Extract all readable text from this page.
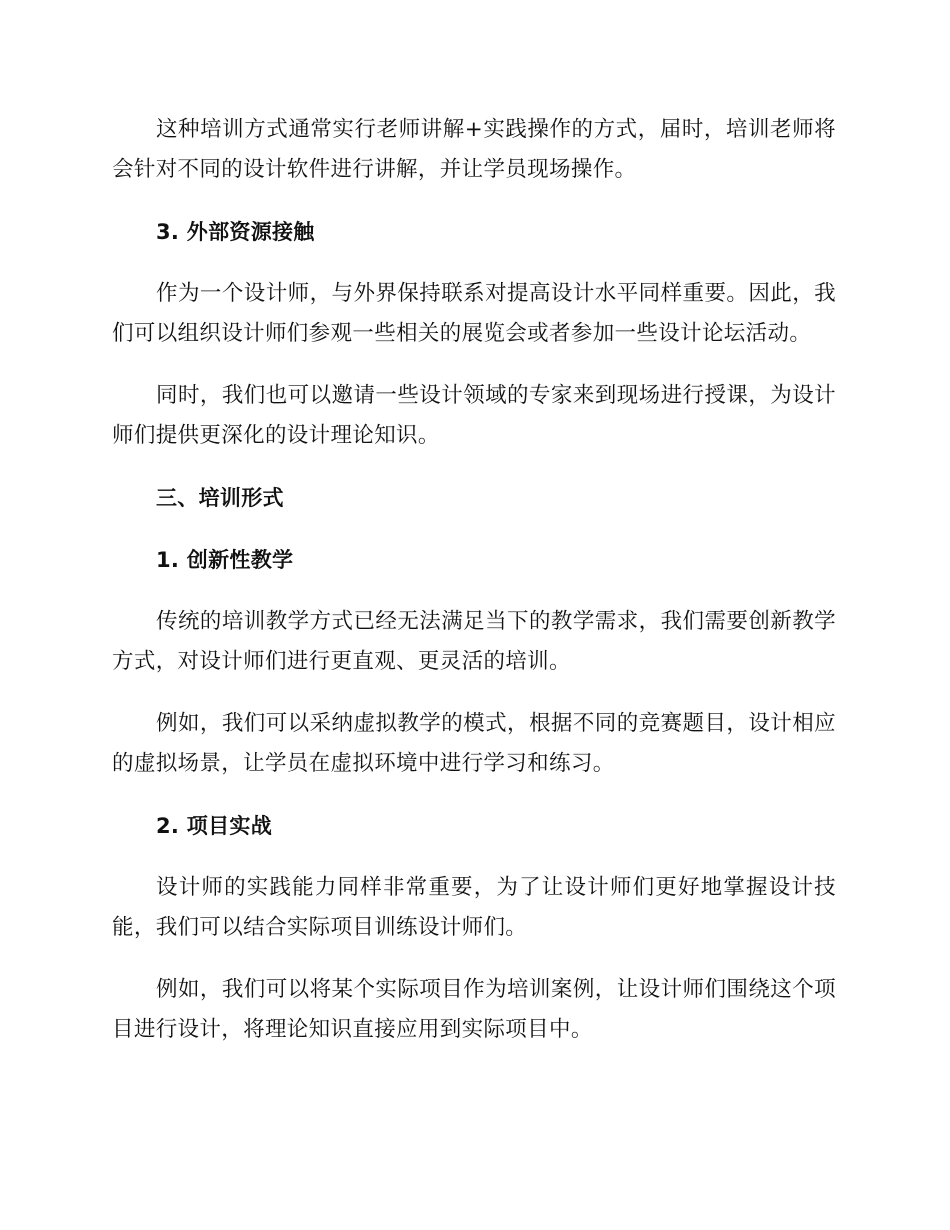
这种培训方式通常实行老师讲解+实践操作的方式，届时，培训老师将会针对不同的设计软件进行讲解，并让学员现场操作。

3. 外部资源接触

作为一个设计师，与外界保持联系对提高设计水平同样重要。因此，我们可以组织设计师们参观一些相关的展览会或者参加一些设计论坛活动。

同时，我们也可以邀请一些设计领域的专家来到现场进行授课，为设计师们提供更深化的设计理论知识。

三、培训形式

1. 创新性教学

传统的培训教学方式已经无法满足当下的教学需求，我们需要创新教学方式，对设计师们进行更直观、更灵活的培训。

例如，我们可以采纳虚拟教学的模式，根据不同的竞赛题目，设计相应的虚拟场景，让学员在虚拟环境中进行学习和练习。

2. 项目实战

设计师的实践能力同样非常重要，为了让设计师们更好地掌握设计技能，我们可以结合实际项目训练设计师们。

例如，我们可以将某个实际项目作为培训案例，让设计师们围绕这个项目进行设计，将理论知识直接应用到实际项目中。
